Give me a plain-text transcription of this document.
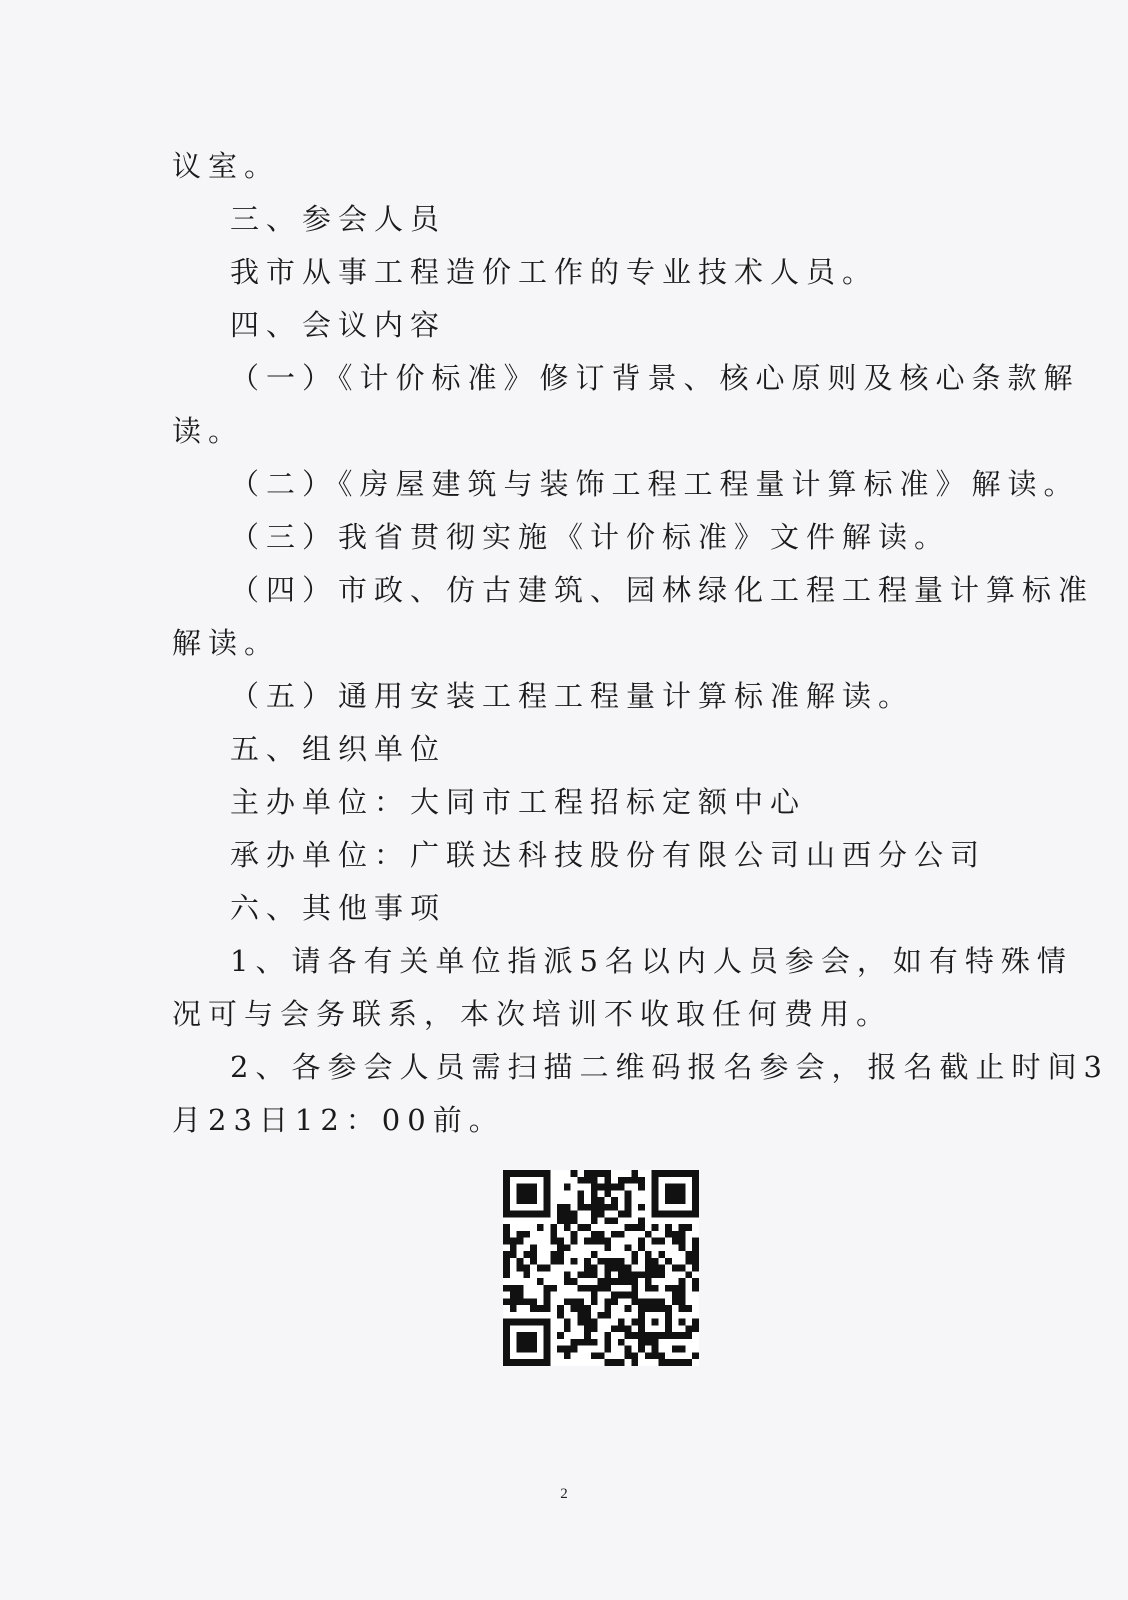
议室。

三、参会人员

我市从事工程造价工作的专业技术人员。

四、会议内容

（一）《计价标准》修订背景、核心原则及核心条款解

读。

（二）《房屋建筑与装饰工程工程量计算标准》解读。

（三）我省贯彻实施《计价标准》文件解读。

（四）市政、仿古建筑、园林绿化工程工程量计算标准

解读。

（五）通用安装工程工程量计算标准解读。

五、组织单位

主办单位：大同市工程招标定额中心

承办单位：广联达科技股份有限公司山西分公司

六、其他事项

1、请各有关单位指派5名以内人员参会，如有特殊情

况可与会务联系，本次培训不收取任何费用。

2、各参会人员需扫描二维码报名参会，报名截止时间3

月23日12：00前。

2
